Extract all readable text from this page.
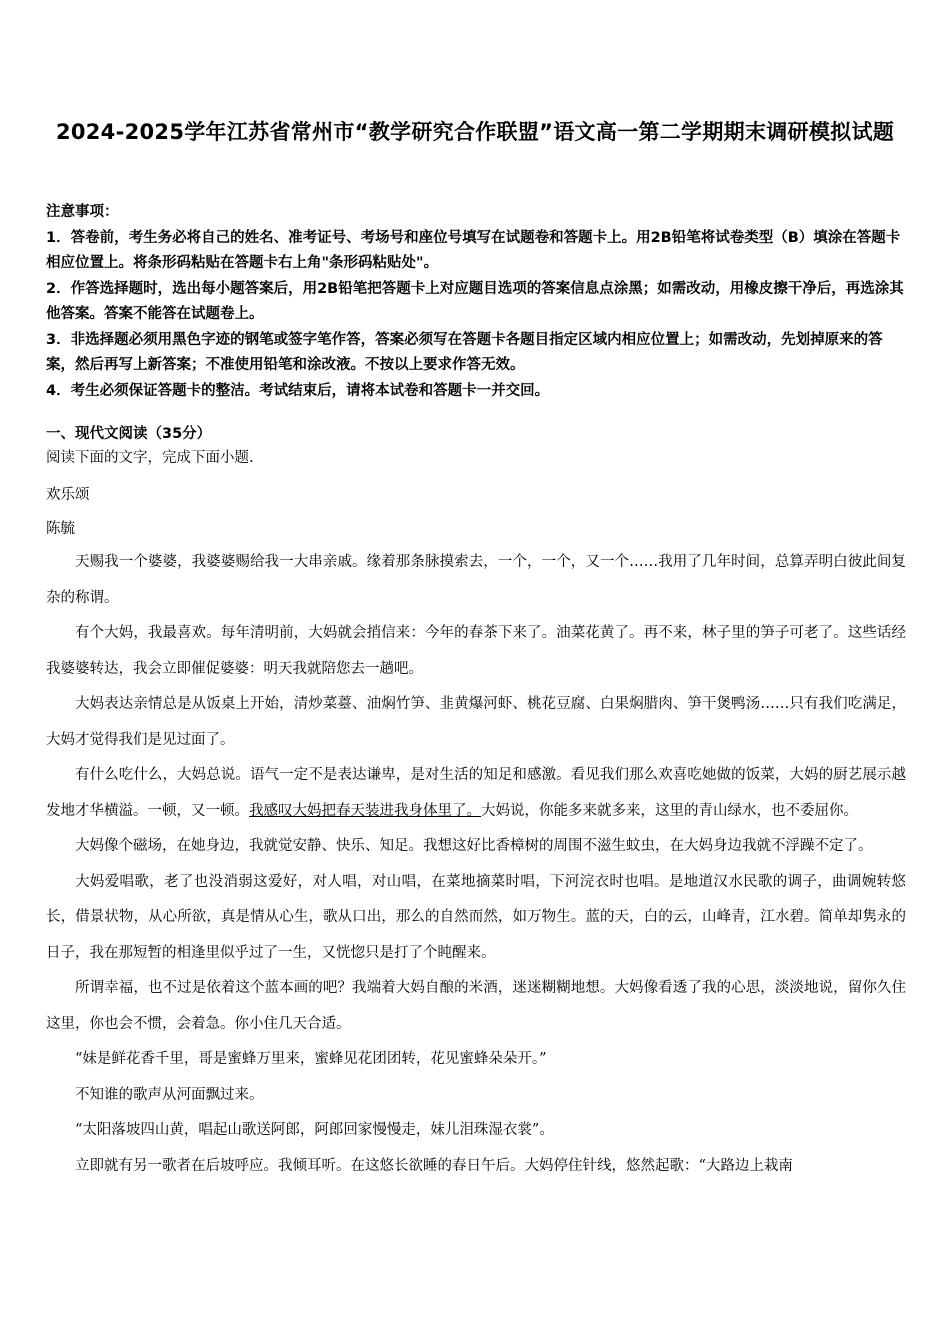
2024-2025学年江苏省常州市“教学研究合作联盟”语文高一第二学期期末调研模拟试题

注意事项：

1．答卷前，考生务必将自己的姓名、准考证号、考场号和座位号填写在试题卷和答题卡上。用2B铅笔将试卷类型（B）填涂在答题卡相应位置上。将条形码粘贴在答题卡右上角"条形码粘贴处"。

2．作答选择题时，选出每小题答案后，用2B铅笔把答题卡上对应题目选项的答案信息点涂黑；如需改动，用橡皮擦干净后，再选涂其他答案。答案不能答在试题卷上。

3．非选择题必须用黑色字迹的钢笔或签字笔作答，答案必须写在答题卡各题目指定区域内相应位置上；如需改动，先划掉原来的答案，然后再写上新答案；不准使用铅笔和涂改液。不按以上要求作答无效。

4．考生必须保证答题卡的整洁。考试结束后，请将本试卷和答题卡一并交回。

一、现代文阅读（35分）
阅读下面的文字，完成下面小题.
欢乐颂
陈毓

天赐我一个婆婆，我婆婆赐给我一大串亲戚。缘着那条脉摸索去，一个，一个，又一个……我用了几年时间，总算弄明白彼此间复杂的称谓。

有个大妈，我最喜欢。每年清明前，大妈就会捎信来：今年的春茶下来了。油菜花黄了。再不来，林子里的笋子可老了。这些话经我婆婆转达，我会立即催促婆婆：明天我就陪您去一趟吧。

大妈表达亲情总是从饭桌上开始，清炒菜薹、油焖竹笋、韭黄爆河虾、桃花豆腐、白果焖腊肉、笋干煲鸭汤……只有我们吃满足，大妈才觉得我们是见过面了。

有什么吃什么，大妈总说。语气一定不是表达谦卑，是对生活的知足和感激。看见我们那么欢喜吃她做的饭菜，大妈的厨艺展示越发地才华横溢。一顿，又一顿。我感叹大妈把春天装进我身体里了。大妈说，你能多来就多来，这里的青山绿水，也不委屈你。

大妈像个磁场，在她身边，我就觉安静、快乐、知足。我想这好比香樟树的周围不滋生蚊虫，在大妈身边我就不浮躁不定了。

大妈爱唱歌，老了也没消弱这爱好，对人唱，对山唱，在菜地摘菜时唱，下河浣衣时也唱。是地道汉水民歌的调子，曲调婉转悠长，借景状物，从心所欲，真是情从心生，歌从口出，那么的自然而然，如万物生。蓝的天，白的云，山峰青，江水碧。简单却隽永的日子，我在那短暂的相逢里似乎过了一生，又恍惚只是打了个盹醒来。

所谓幸福，也不过是依着这个蓝本画的吧？我端着大妈自酿的米酒，迷迷糊糊地想。大妈像看透了我的心思，淡淡地说，留你久住这里，你也会不惯，会着急。你小住几天合适。

“妹是鲜花香千里，哥是蜜蜂万里来，蜜蜂见花团团转，花见蜜蜂朵朵开。”

不知谁的歌声从河面飘过来。

“太阳落坡四山黄，唱起山歌送阿郎，阿郎回家慢慢走，妹儿泪珠湿衣裳”。

立即就有另一歌者在后坡呼应。我倾耳听。在这悠长欲睡的春日午后。大妈停住针线，悠然起歌：“大路边上栽南
